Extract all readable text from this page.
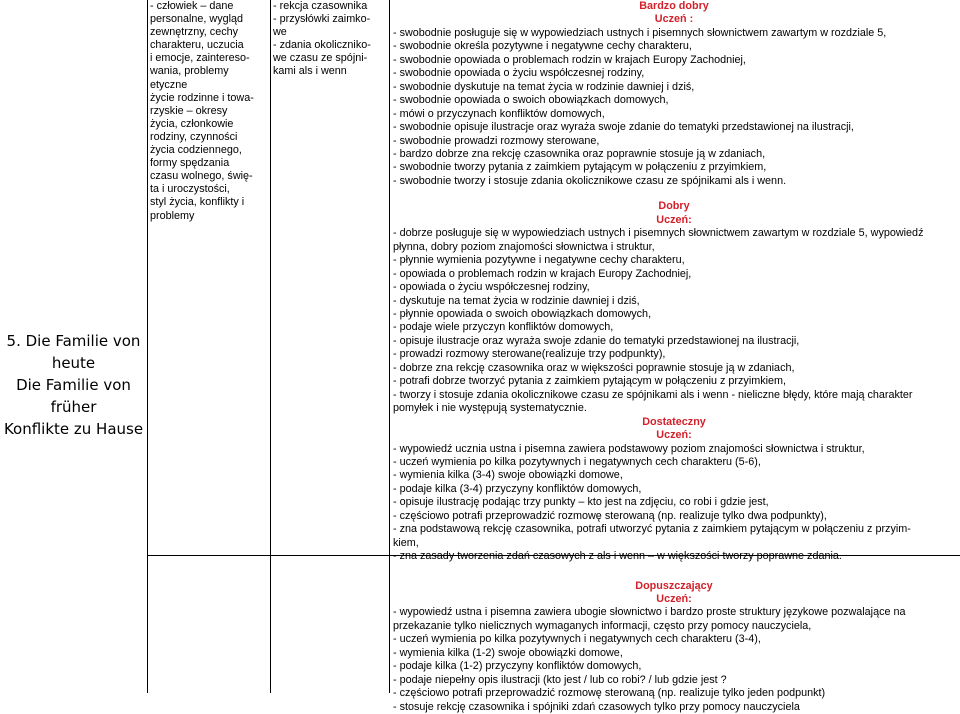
5. Die Familie von
heute
Die Familie von
früher
Konflikte zu Hause
- człowiek – dane
personalne, wygląd
zewnętrzny, cechy
charakteru, uczucia
i emocje, zaintereso-
wania, problemy
etyczne
życie rodzinne i towa-
rzyskie – okresy
życia, członkowie
rodziny, czynności
życia codziennego,
formy spędzania
czasu wolnego, świę-
ta i uroczystości,
styl życia, konflikty i
problemy
- rekcja czasownika
- przysłówki zaimko-
we
- zdania okoliczniko-
we czasu ze spójni-
kami als i wenn
Bardzo dobry
Uczeń :
- swobodnie posługuje się w wypowiedziach ustnych i pisemnych słownictwem zawartym w rozdziale 5,
- swobodnie określa pozytywne i negatywne cechy charakteru,
- swobodnie opowiada o problemach rodzin w krajach Europy Zachodniej,
- swobodnie opowiada o życiu współczesnej rodziny,
- swobodnie dyskutuje na temat życia w rodzinie dawniej i dziś,
- swobodnie opowiada o swoich obowiązkach domowych,
- mówi o przyczynach konfliktów domowych,
- swobodnie opisuje ilustracje oraz wyraża swoje zdanie do tematyki przedstawionej na ilustracji,
- swobodnie prowadzi rozmowy sterowane,
- bardzo dobrze zna rekcję czasownika oraz poprawnie stosuje ją w zdaniach,
- swobodnie tworzy pytania z zaimkiem pytającym w połączeniu z przyimkiem,
- swobodnie tworzy i stosuje zdania okolicznikowe czasu ze spójnikami als i wenn.
Dobry
Uczeń:
- dobrze posługuje się w wypowiedziach ustnych i pisemnych słownictwem zawartym w rozdziale 5, wypowiedź
płynna, dobry poziom znajomości słownictwa i struktur,
- płynnie wymienia pozytywne i negatywne cechy charakteru,
- opowiada o problemach rodzin w krajach Europy Zachodniej,
- opowiada o życiu współczesnej rodziny,
- dyskutuje na temat życia w rodzinie dawniej i dziś,
- płynnie opowiada o swoich obowiązkach domowych,
- podaje wiele przyczyn konfliktów domowych,
- opisuje ilustracje oraz wyraża swoje zdanie do tematyki przedstawionej na ilustracji,
- prowadzi rozmowy sterowane(realizuje trzy podpunkty),
- dobrze zna rekcję czasownika oraz w większości poprawnie stosuje ją w zdaniach,
- potrafi dobrze tworzyć pytania z zaimkiem pytającym w połączeniu z przyimkiem,
- tworzy i stosuje zdania okolicznikowe czasu ze spójnikami als i wenn - nieliczne błędy, które mają charakter
pomyłek i nie występują systematycznie.
Dostateczny
Uczeń:
- wypowiedź ucznia ustna i pisemna zawiera podstawowy poziom znajomości słownictwa i struktur,
- uczeń wymienia po kilka pozytywnych i negatywnych cech charakteru (5-6),
- wymienia kilka (3-4) swoje obowiązki domowe,
- podaje kilka (3-4) przyczyny konfliktów domowych,
- opisuje ilustrację podając trzy punkty – kto jest na zdjęciu, co robi i gdzie jest,
- częściowo potrafi przeprowadzić rozmowę sterowaną (np. realizuje tylko dwa podpunkty),
- zna podstawową rekcję czasownika, potrafi utworzyć pytania z zaimkiem pytającym w połączeniu z przyim-
kiem,
- zna zasady tworzenia zdań czasowych z als i wenn – w większości tworzy poprawne zdania.
Dopuszczający
Uczeń:
- wypowiedź ustna i pisemna zawiera ubogie słownictwo i bardzo proste struktury językowe pozwalające na
przekazanie tylko nielicznych wymaganych informacji, często przy pomocy nauczyciela,
- uczeń wymienia po kilka pozytywnych i negatywnych cech charakteru (3-4),
- wymienia kilka (1-2) swoje obowiązki domowe,
- podaje kilka (1-2) przyczyny konfliktów domowych,
- podaje niepełny opis ilustracji (kto jest / lub co robi? / lub gdzie jest ?
- częściowo potrafi przeprowadzić rozmowę sterowaną (np. realizuje tylko jeden podpunkt)
- stosuje rekcję czasownika i spójniki zdań czasowych tylko przy pomocy nauczyciela
